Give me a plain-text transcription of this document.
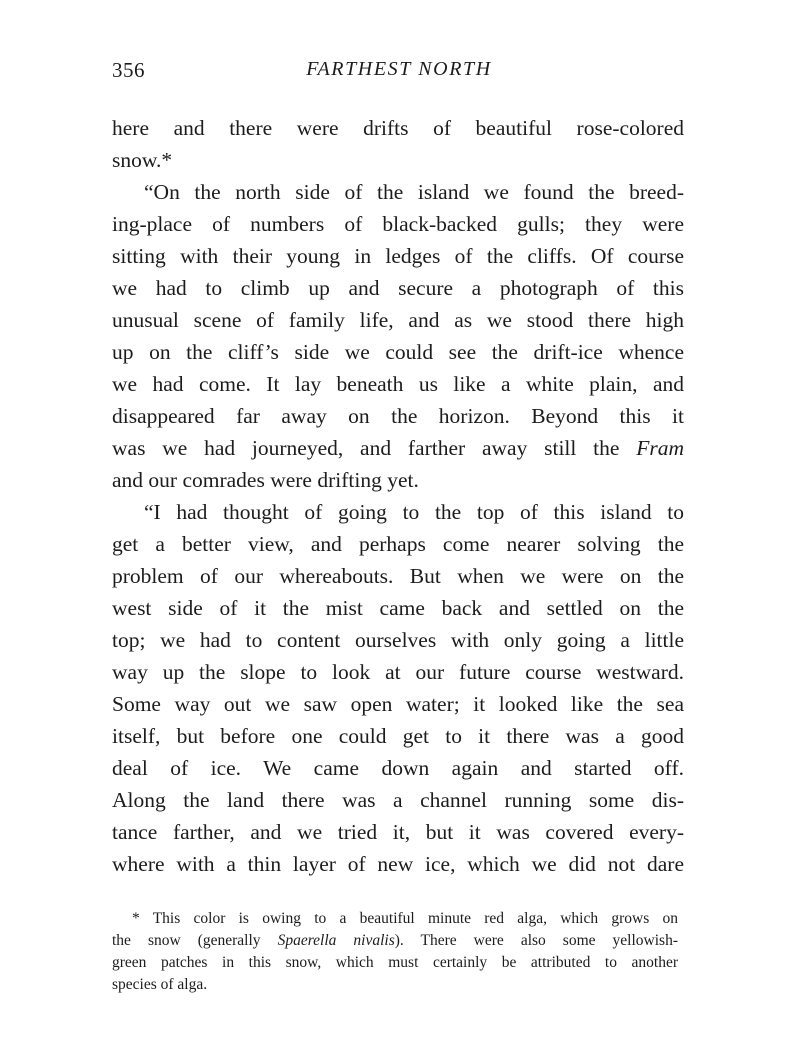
356	FARTHEST NORTH
here and there were drifts of beautiful rose-colored
snow.*
“On the north side of the island we found the breed-
ing-place of numbers of black-backed gulls; they were
sitting with their young in ledges of the cliffs. Of course
we had to climb up and secure a photograph of this
unusual scene of family life, and as we stood there high
up on the cliff’s side we could see the drift-ice whence
we had come. It lay beneath us like a white plain, and
disappeared far away on the horizon. Beyond this it
was we had journeyed, and farther away still the Fram
and our comrades were drifting yet.
“I had thought of going to the top of this island to
get a better view, and perhaps come nearer solving the
problem of our whereabouts. But when we were on the
west side of it the mist came back and settled on the
top; we had to content ourselves with only going a little
way up the slope to look at our future course westward.
Some way out we saw open water; it looked like the sea
itself, but before one could get to it there was a good
deal of ice. We came down again and started off.
Along the land there was a channel running some dis-
tance farther, and we tried it, but it was covered every-
where with a thin layer of new ice, which we did not dare
* This color is owing to a beautiful minute red alga, which grows on
the snow (generally Spaerella nivalis). There were also some yellowish-
green patches in this snow, which must certainly be attributed to another
species of alga.
